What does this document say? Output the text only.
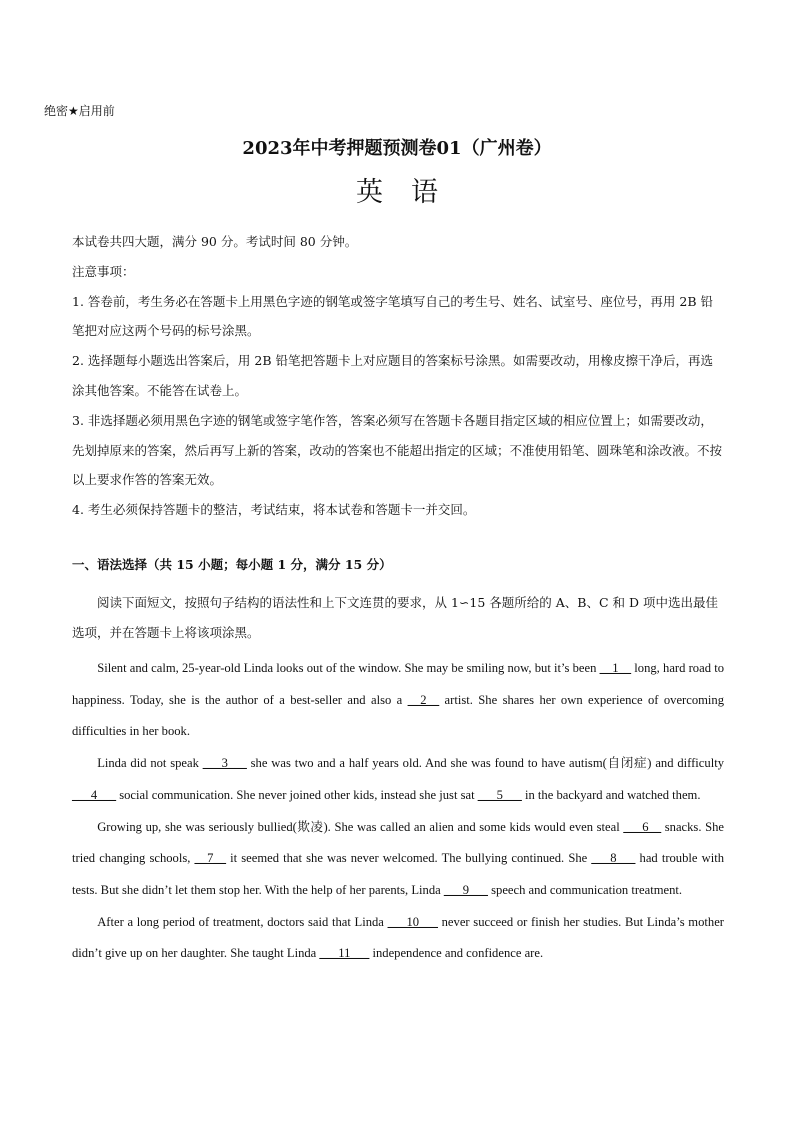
绝密★启用前
2023年中考押题预测卷01（广州卷）
英语

本试卷共四大题，满分 90 分。考试时间 80 分钟。

注意事项：

1. 答卷前，考生务必在答题卡上用黑色字迹的钢笔或签字笔填写自己的考生号、姓名、试室号、座位号，再用 2B 铅笔把对应这两个号码的标号涂黑。

2. 选择题每小题选出答案后，用 2B 铅笔把答题卡上对应题目的答案标号涂黑。如需要改动，用橡皮擦干净后，再选涂其他答案。不能答在试卷上。

3. 非选择题必须用黑色字迹的钢笔或签字笔作答，答案必须写在答题卡各题目指定区域的相应位置上；如需要改动，先划掉原来的答案，然后再写上新的答案，改动的答案也不能超出指定的区域；不准使用铅笔、圆珠笔和涂改液。不按以上要求作答的答案无效。

4. 考生必须保持答题卡的整洁，考试结束，将本试卷和答题卡一并交回。

一、语法选择（共 15 小题；每小题 1 分，满分 15 分）

阅读下面短文，按照句子结构的语法性和上下文连贯的要求，从 1∽15 各题所给的 A、B、C 和 D 项中选出最佳选项，并在答题卡上将该项涂黑。

Silent and calm, 25-year-old Linda looks out of the window. She may be smiling now, but it’s been __1__ long, hard road to happiness. Today, she is the author of a best-seller and also a __2__ artist. She shares her own experience of overcoming difficulties in her book.

Linda did not speak ___3___ she was two and a half years old. And she was found to have autism(自闭症) and difficulty ___4___ social communication. She never joined other kids, instead she just sat ___5___ in the backyard and watched them.

Growing up, she was seriously bullied(欺凌). She was called an alien and some kids would even steal ___6__ snacks. She tried changing schools, __7__ it seemed that she was never welcomed. The bullying continued. She ___8___ had trouble with tests. But she didn’t let them stop her. With the help of her parents, Linda ___9___ speech and communication treatment.

After a long period of treatment, doctors said that Linda ___10___ never succeed or finish her studies. But Linda’s mother didn’t give up on her daughter. She taught Linda ___11___ independence and confidence are.
